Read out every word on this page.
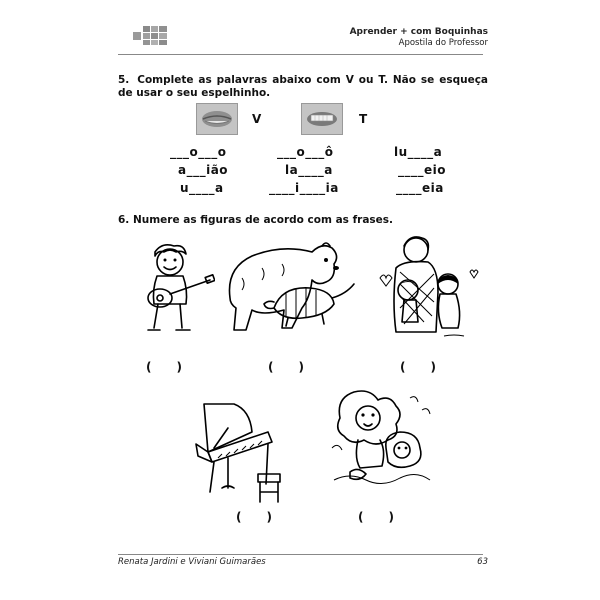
Aprender + com Boquinhas
Apostila do Professor
5. Complete as palavras abaixo com V ou T. Não se esqueça de usar o seu espelhinho.
V	T
___o___o	___o___ô	lu____a
a___ião	la____a	____eio
u____a	____i____ia	____eia
6. Numere as figuras de acordo com as frases.
(      )	(      )	(      )
(      )	(      )
Renata Jardini e Viviani Guimarães	63
